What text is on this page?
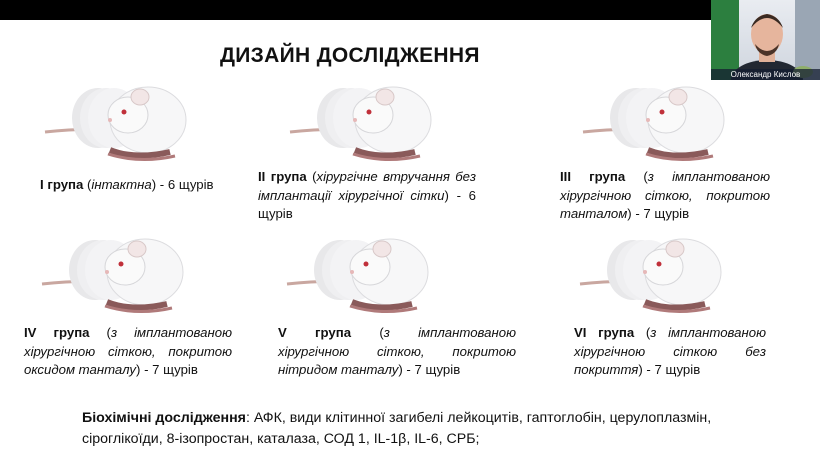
ДИЗАЙН ДОСЛІДЖЕННЯ
I група (інтактна) - 6 щурів
II група (хірургічне втручання без імплантації хірургічної сітки) - 6 щурів
III група (з імплантованою хірургічною сіткою, покритою танталом) - 7 щурів
IV група (з імплантованою хірургічною сіткою, покритою оксидом танталу) - 7 щурів
V група (з імплантованою хірургічною сіткою, покритою нітридом танталу) - 7 щурів
VI група (з імплантованою хірургічною сіткою без покриття) - 7 щурів
Біохімічні дослідження: АФК, види клітинної загибелі лейкоцитів, гаптоглобін, церулоплазмін, сіроглікоїди, 8-ізопростан, каталаза, СОД 1, IL-1β, IL-6, СРБ;
Олександр Кислов
